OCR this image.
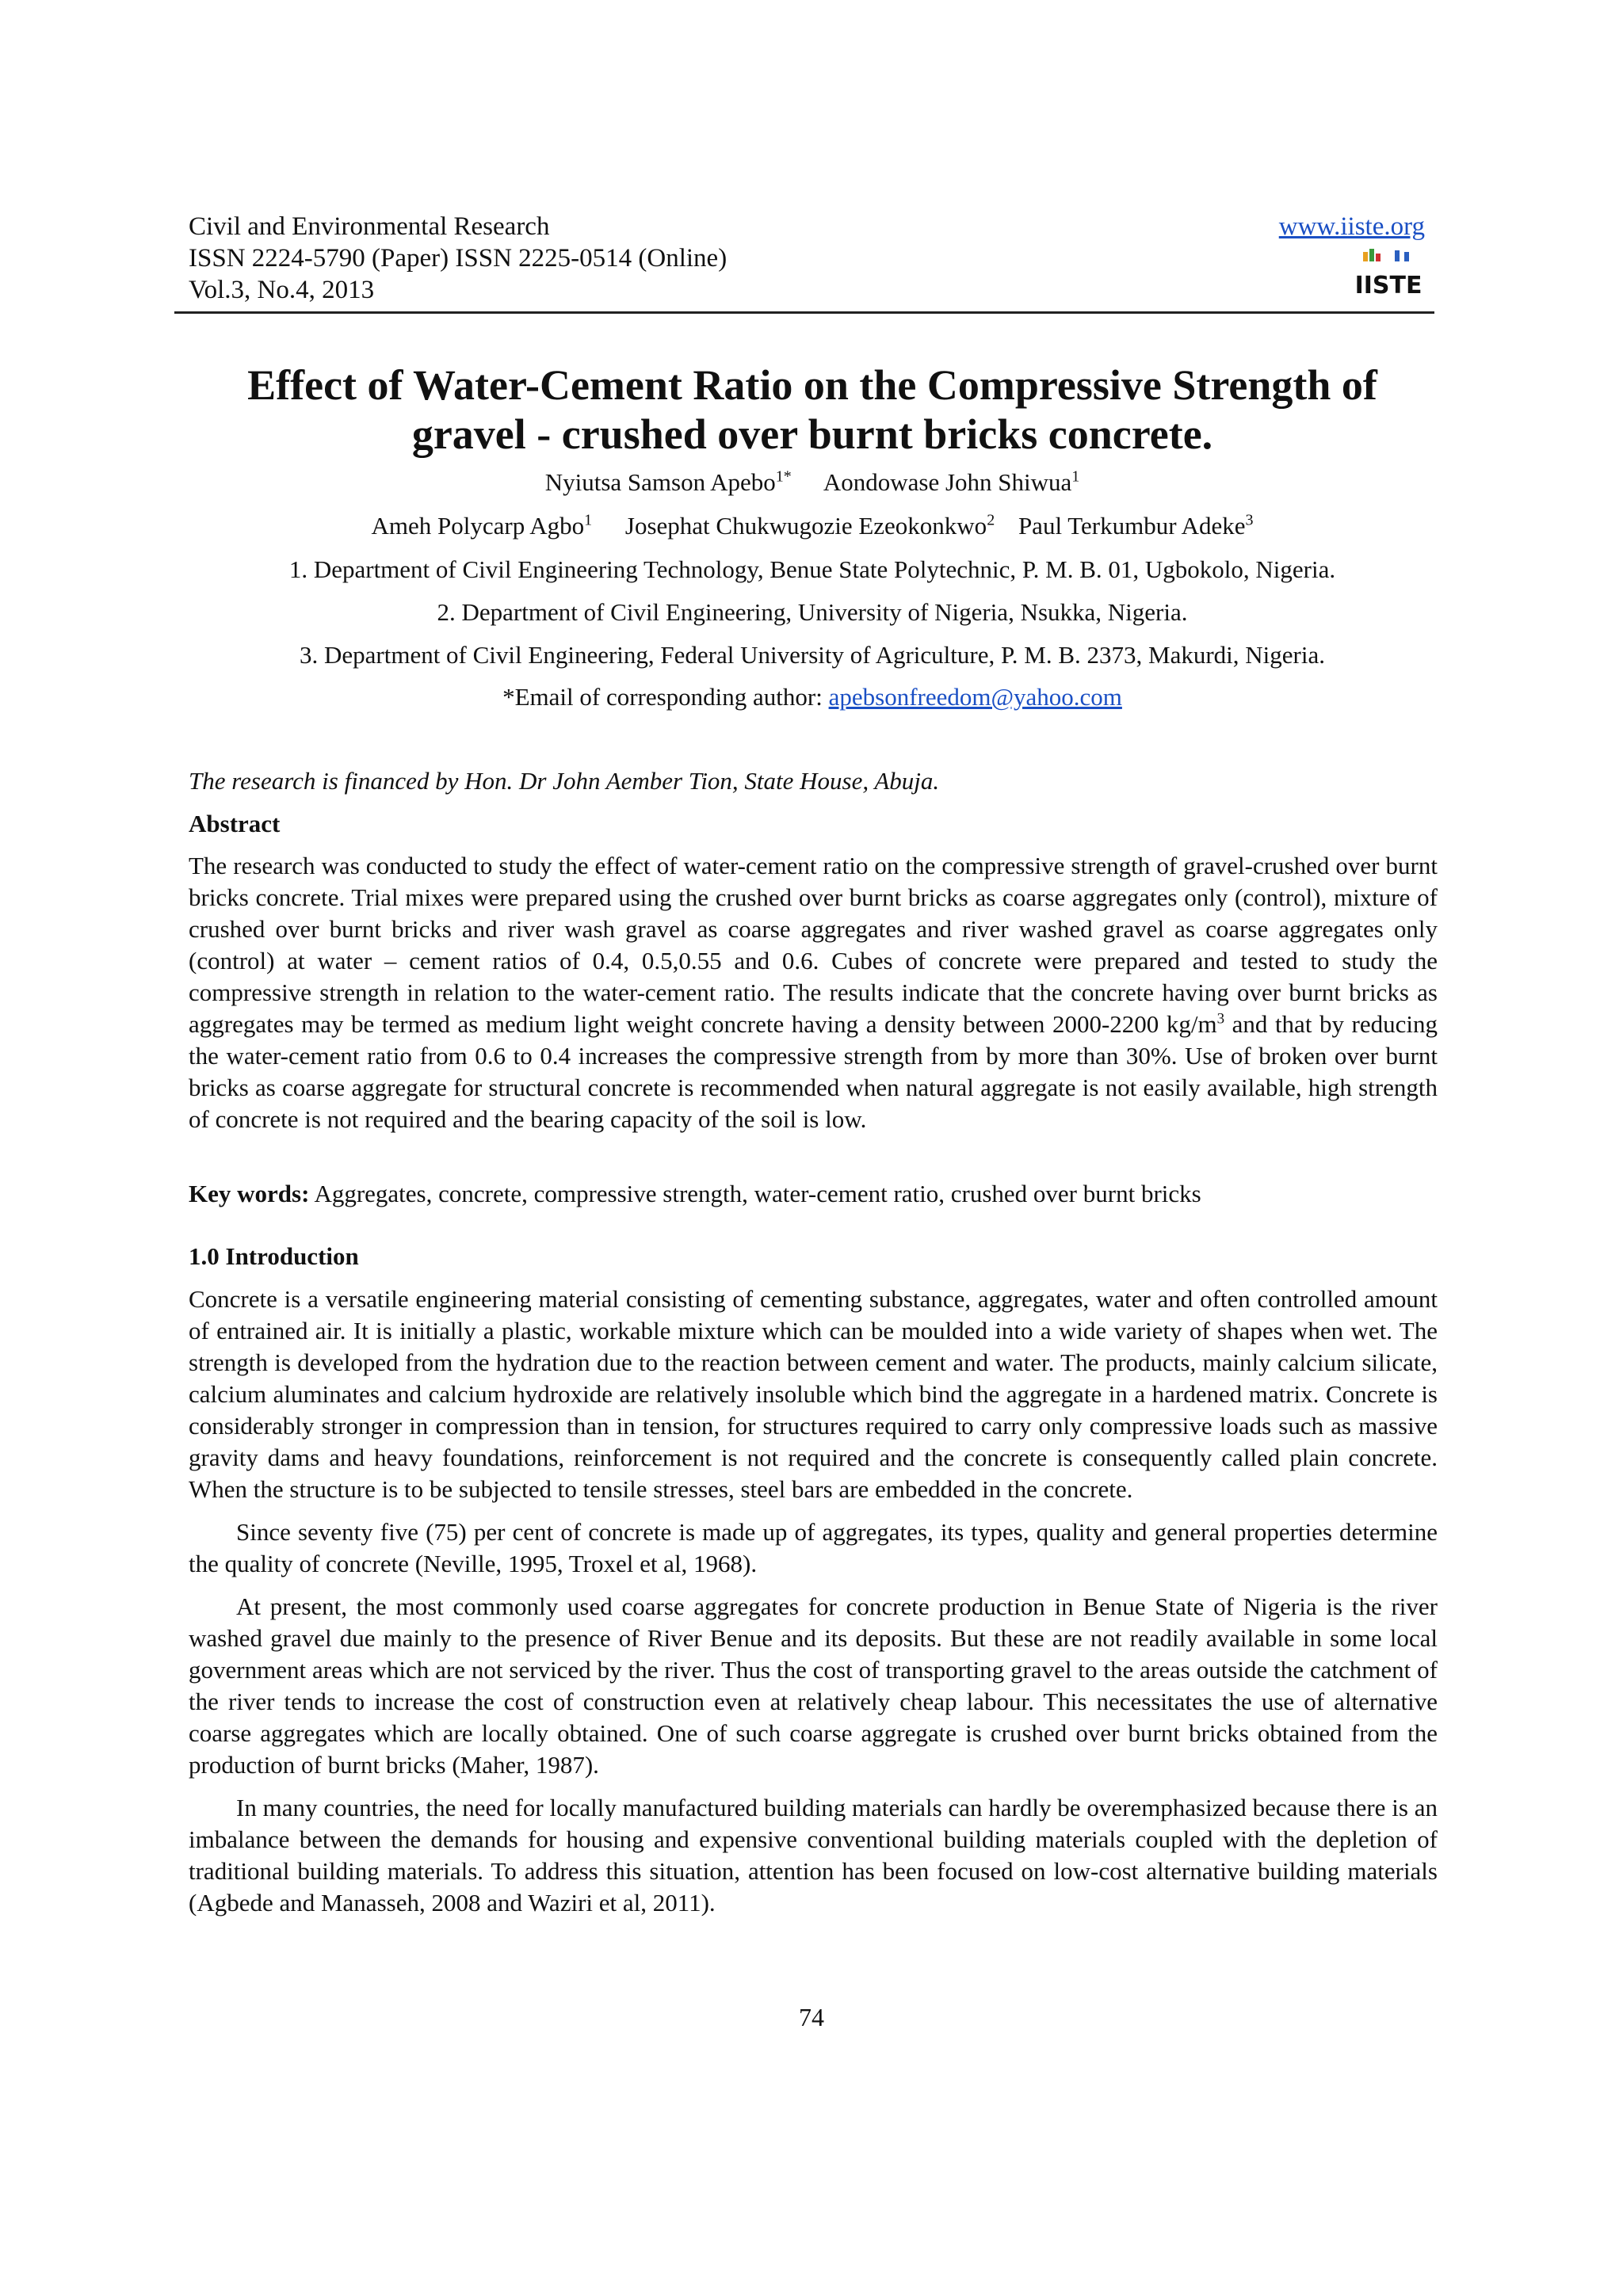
Civil and Environmental Research
ISSN 2224-5790 (Paper) ISSN 2225-0514 (Online)
Vol.3, No.4, 2013
www.iiste.org
IISTE
Effect of Water-Cement Ratio on the Compressive Strength of
gravel - crushed over burnt bricks concrete.
Nyiutsa Samson Apebo$^{1*}$ Aondowase John Shiwua$^1$
Ameh Polycarp Agbo$^1$ Josephat Chukwugozie Ezeokonkwo$^2$ Paul Terkumbur Adeke$^3$
1. Department of Civil Engineering Technology, Benue State Polytechnic, P. M. B. 01, Ugbokolo, Nigeria.
2. Department of Civil Engineering, University of Nigeria, Nsukka, Nigeria.
3. Department of Civil Engineering, Federal University of Agriculture, P. M. B. 2373, Makurdi, Nigeria.
*Email of corresponding author: apebsonfreedom@yahoo.com
The research is financed by Hon. Dr John Aember Tion, State House, Abuja.
Abstract
The research was conducted to study the effect of water-cement ratio on the compressive strength of gravel-crushed over burnt bricks concrete. Trial mixes were prepared using the crushed over burnt bricks as coarse aggregates only (control), mixture of crushed over burnt bricks and river wash gravel as coarse aggregates and river washed gravel as coarse aggregates only (control) at water – cement ratios of 0.4, 0.5,0.55 and 0.6. Cubes of concrete were prepared and tested to study the compressive strength in relation to the water-cement ratio. The results indicate that the concrete having over burnt bricks as aggregates may be termed as medium light weight concrete having a density between 2000-2200 $kg/m^3$ and that by reducing the water-cement ratio from 0.6 to 0.4 increases the compressive strength from by more than 30%. Use of broken over burnt bricks as coarse aggregate for structural concrete is recommended when natural aggregate is not easily available, high strength of concrete is not required and the bearing capacity of the soil is low.
Key words: Aggregates, concrete, compressive strength, water-cement ratio, crushed over burnt bricks
1.0 Introduction

Concrete is a versatile engineering material consisting of cementing substance, aggregates, water and often controlled amount of entrained air. It is initially a plastic, workable mixture which can be moulded into a wide variety of shapes when wet. The strength is developed from the hydration due to the reaction between cement and water. The products, mainly calcium silicate, calcium aluminates and calcium hydroxide are relatively insoluble which bind the aggregate in a hardened matrix. Concrete is considerably stronger in compression than in tension, for structures required to carry only compressive loads such as massive gravity dams and heavy foundations, reinforcement is not required and the concrete is consequently called plain concrete. When the structure is to be subjected to tensile stresses, steel bars are embedded in the concrete.

Since seventy five (75) per cent of concrete is made up of aggregates, its types, quality and general properties determine the quality of concrete (Neville, 1995, Troxel et al, 1968).

At present, the most commonly used coarse aggregates for concrete production in Benue State of Nigeria is the river washed gravel due mainly to the presence of River Benue and its deposits. But these are not readily available in some local government areas which are not serviced by the river. Thus the cost of transporting gravel to the areas outside the catchment of the river tends to increase the cost of construction even at relatively cheap labour. This necessitates the use of alternative coarse aggregates which are locally obtained. One of such coarse aggregate is crushed over burnt bricks obtained from the production of burnt bricks (Maher, 1987).

In many countries, the need for locally manufactured building materials can hardly be overemphasized because there is an imbalance between the demands for housing and expensive conventional building materials coupled with the depletion of traditional building materials. To address this situation, attention has been focused on low-cost alternative building materials (Agbede and Manasseh, 2008 and Waziri et al, 2011).

74
